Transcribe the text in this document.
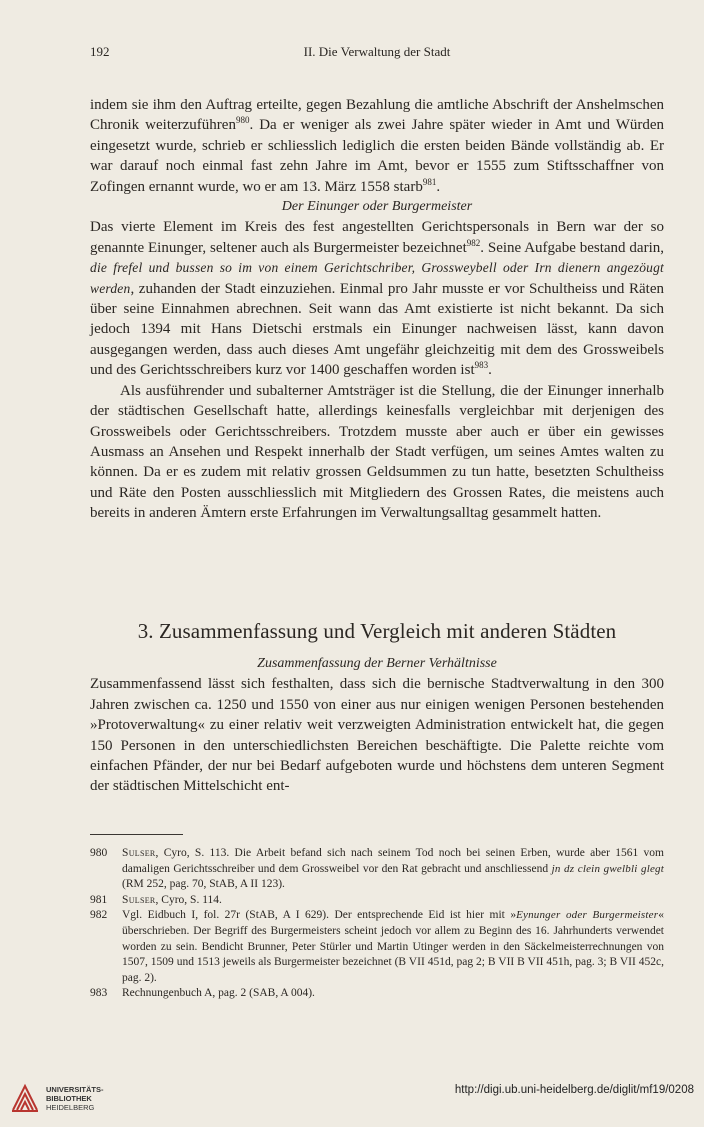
192	II. Die Verwaltung der Stadt

indem sie ihm den Auftrag erteilte, gegen Bezahlung die amtliche Abschrift der Anshelmschen Chronik weiterzuführen$^{980}$. Da er weniger als zwei Jahre später wieder in Amt und Würden eingesetzt wurde, schrieb er schliesslich lediglich die ersten beiden Bände vollständig ab. Er war darauf noch einmal fast zehn Jahre im Amt, bevor er 1555 zum Stiftsschaffner von Zofingen ernannt wurde, wo er am 13. März 1558 starb$^{981}$.

Der Einunger oder Burgermeister

Das vierte Element im Kreis des fest angestellten Gerichtspersonals in Bern war der so genannte Einunger, seltener auch als Burgermeister bezeichnet$^{982}$. Seine Aufgabe bestand darin, die frefel und bussen so im von einem Gerichtschriber, Grossweybell oder Irn dienern angezöugt werden, zuhanden der Stadt einzuziehen. Einmal pro Jahr musste er vor Schultheiss und Räten über seine Einnahmen abrechnen. Seit wann das Amt existierte ist nicht bekannt. Da sich jedoch 1394 mit Hans Dietschi erstmals ein Einunger nachweisen lässt, kann davon ausgegangen werden, dass auch dieses Amt ungefähr gleichzeitig mit dem des Grossweibels und des Gerichtsschreibers kurz vor 1400 geschaffen worden ist$^{983}$.

Als ausführender und subalterner Amtsträger ist die Stellung, die der Einunger innerhalb der städtischen Gesellschaft hatte, allerdings keinesfalls vergleichbar mit derjenigen des Grossweibels oder Gerichtsschreibers. Trotzdem musste aber auch er über ein gewisses Ausmass an Ansehen und Respekt innerhalb der Stadt verfügen, um seines Amtes walten zu können. Da er es zudem mit relativ grossen Geldsummen zu tun hatte, besetzten Schultheiss und Räte den Posten ausschliesslich mit Mitgliedern des Grossen Rates, die meistens auch bereits in anderen Ämtern erste Erfahrungen im Verwaltungsalltag gesammelt hatten.

3. Zusammenfassung und Vergleich mit anderen Städten

Zusammenfassung der Berner Verhältnisse

Zusammenfassend lässt sich festhalten, dass sich die bernische Stadtverwaltung in den 300 Jahren zwischen ca. 1250 und 1550 von einer aus nur einigen wenigen Personen bestehenden »Protoverwaltung« zu einer relativ weit verzweigten Administration entwickelt hat, die gegen 150 Personen in den unterschiedlichsten Bereichen beschäftigte. Die Palette reichte vom einfachen Pfänder, der nur bei Bedarf aufgeboten wurde und höchstens dem unteren Segment der städtischen Mittelschicht ent-

980	Sulser, Cyro, S. 113. Die Arbeit befand sich nach seinem Tod noch bei seinen Erben, wurde aber 1561 vom damaligen Gerichtsschreiber und dem Grossweibel vor den Rat gebracht und anschliessend jn dz clein gwelbli glegt (RM 252, pag. 70, StAB, A II 123).
981	Sulser, Cyro, S. 114.
982	Vgl. Eidbuch I, fol. 27r (StAB, A I 629). Der entsprechende Eid ist hier mit »Eynunger oder Burgermeister« überschrieben. Der Begriff des Burgermeisters scheint jedoch vor allem zu Beginn des 16. Jahrhunderts verwendet worden zu sein. Bendicht Brunner, Peter Stürler und Martin Utinger werden in den Säckelmeisterrechnungen von 1507, 1509 und 1513 jeweils als Burgermeister bezeichnet (B VII 451d, pag 2; B VII B VII 451h, pag. 3; B VII 452c, pag. 2).
983	Rechnungenbuch A, pag. 2 (SAB, A 004).
UNIVERSITÄTS-
BIBLIOTHEK
HEIDELBERG
http://digi.ub.uni-heidelberg.de/diglit/mf19/0208
